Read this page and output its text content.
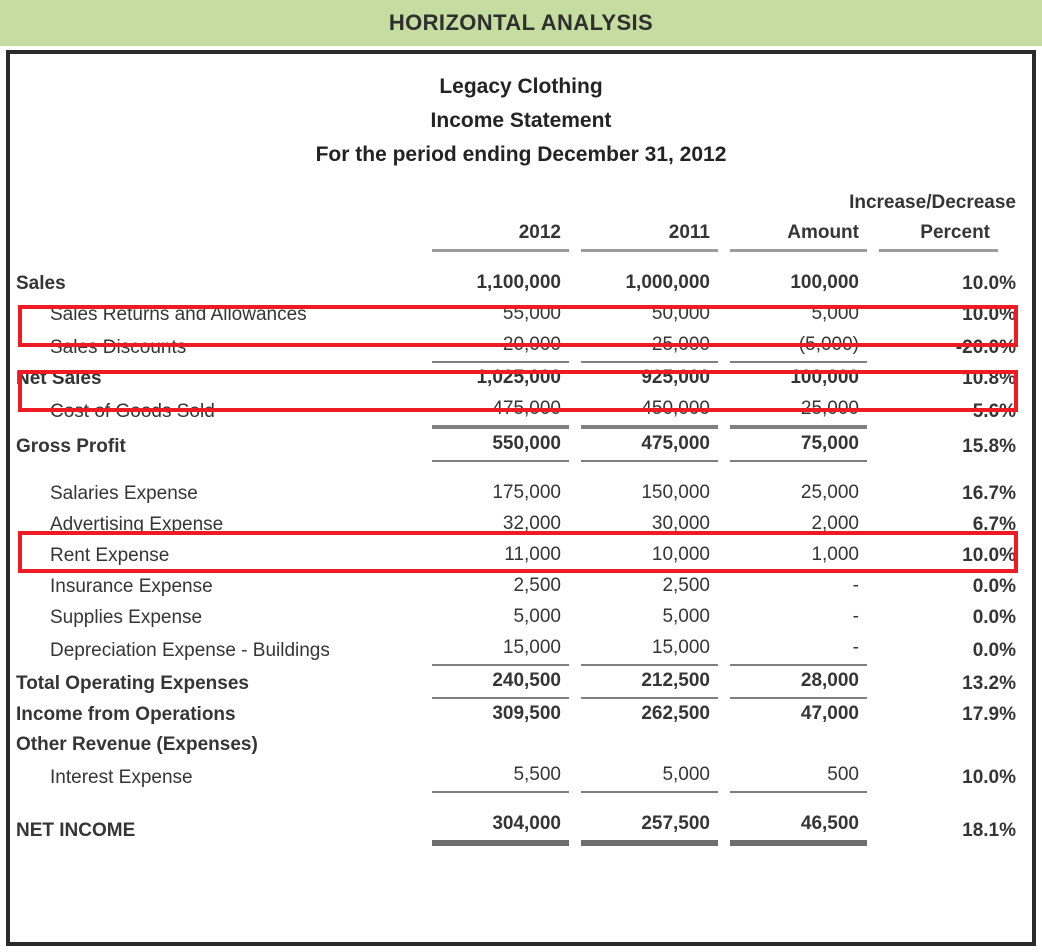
HORIZONTAL ANALYSIS
Legacy Clothing
Income Statement
For the period ending December 31, 2012

			Increase/Decrease	

	2012	2011	Amount	Percent

Sales	1,100,000	1,000,000	100,000	10.0%
Sales Returns and Allowances	55,000	50,000	5,000	10.0%
Sales Discounts	20,000	25,000	(5,000)	-20.0%
Net Sales	1,025,000	925,000	100,000	10.8%
Cost of Goods Sold	475,000	450,000	25,000	5.6%
Gross Profit	550,000	475,000	75,000	15.8%

Salaries Expense	175,000	150,000	25,000	16.7%
Advertising Expense	32,000	30,000	2,000	6.7%
Rent Expense	11,000	10,000	1,000	10.0%
Insurance Expense	2,500	2,500	-	0.0%
Supplies Expense	5,000	5,000	-	0.0%
Depreciation Expense - Buildings	15,000	15,000	-	0.0%
Total Operating Expenses	240,500	212,500	28,000	13.2%
Income from Operations	309,500	262,500	47,000	17.9%
Other Revenue (Expenses)	

Interest Expense	5,500	5,000	500	10.0%

NET INCOME	304,000	257,500	46,500	18.1%
